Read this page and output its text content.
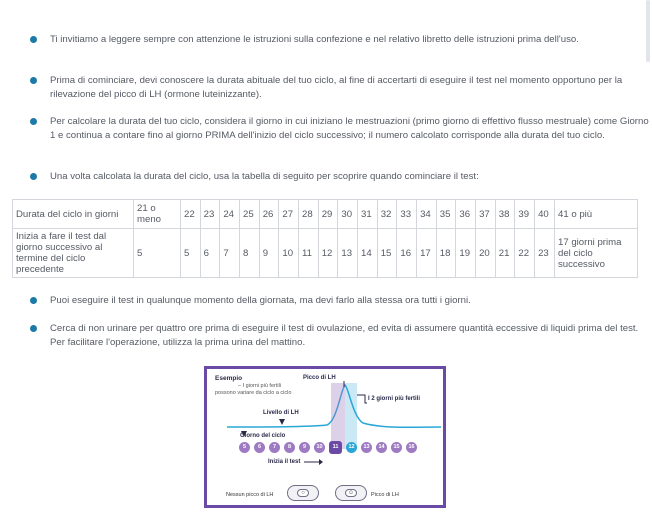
Ti invitiamo a leggere sempre con attenzione le istruzioni sulla confezione e nel relativo libretto delle istruzioni prima dell'uso.
Prima di cominciare, devi conoscere la durata abituale del tuo ciclo, al fine di accertarti di eseguire il test nel momento opportuno per la rilevazione del picco di LH (ormone luteinizzante).
Per calcolare la durata del tuo ciclo, considera il giorno in cui iniziano le mestruazioni (primo giorno di effettivo flusso mestruale) come Giorno 1 e continua a contare fino al giorno PRIMA dell'inizio del ciclo successivo; il numero calcolato corrisponde alla durata del tuo ciclo.
Una volta calcolata la durata del ciclo, usa la tabella di seguito per scoprire quando cominciare il test:
Durata del ciclo in giorni	21 o meno	22	23	24	25	26	27	28	29	30	31	32	33	34	35	36	37	38	39	40	41 o più
Inizia a fare il test dal giorno successivo al termine del ciclo precedente	5	5	6	7	8	9	10	11	12	13	14	15	16	17	18	19	20	21	22	23	17 giorni prima del ciclo successivo
Puoi eseguire il test in qualunque momento della giornata, ma devi farlo alla stessa ora tutti i giorni.
Cerca di non urinare per quattro ore prima di eseguire il test di ovulazione, ed evita di assumere quantità eccessive di liquidi prima del test. Per facilitare l'operazione, utilizza la prima urina del mattino.
Esempio
– I giorni più fertili possono variare da ciclo a ciclo
Picco di LH
I 2 giorni più fertili
Livello di LH
Giorno del ciclo
5	6	7	8	9	10	11	12	13	14	15	16
Inizia il test
○	☺
Nessun picco di LH	Picco di LH
